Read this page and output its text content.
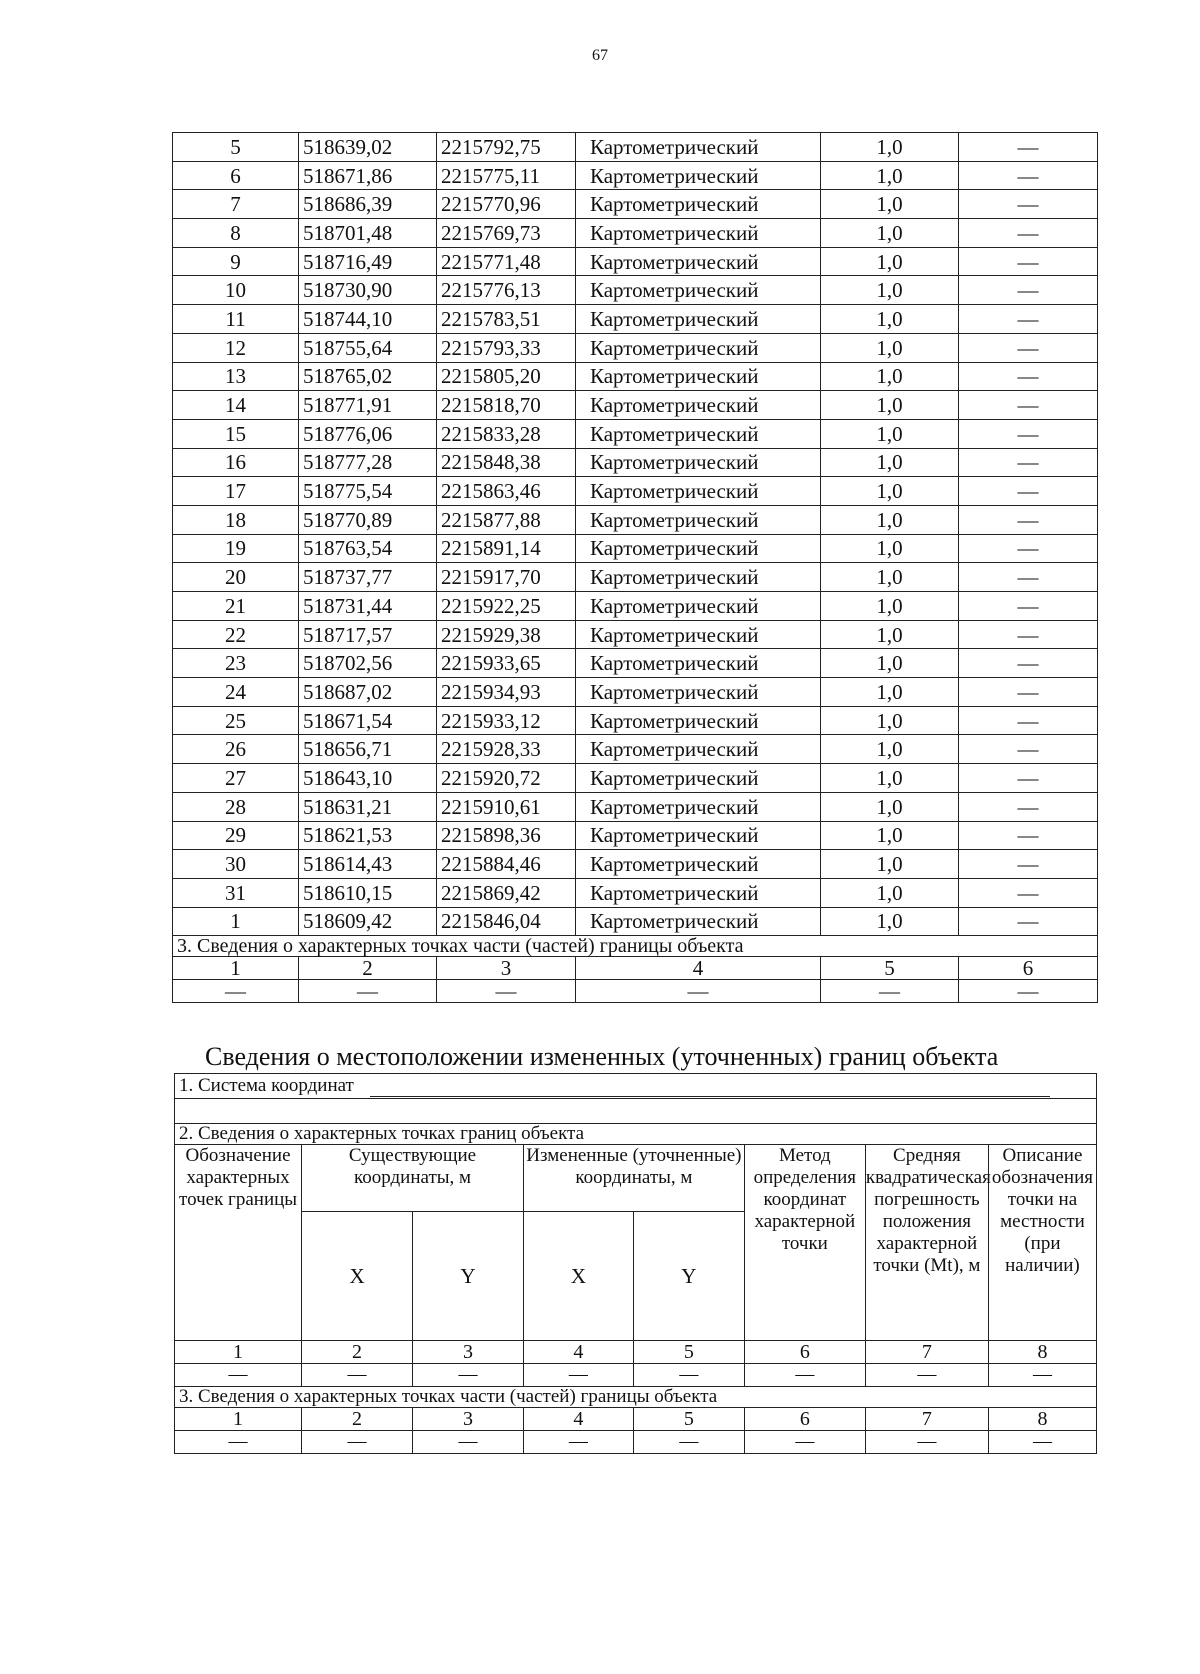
67
5	518639,02	2215792,75	Картометрический	1,0	—
6	518671,86	2215775,11	Картометрический	1,0	—
7	518686,39	2215770,96	Картометрический	1,0	—
8	518701,48	2215769,73	Картометрический	1,0	—
9	518716,49	2215771,48	Картометрический	1,0	—
10	518730,90	2215776,13	Картометрический	1,0	—
11	518744,10	2215783,51	Картометрический	1,0	—
12	518755,64	2215793,33	Картометрический	1,0	—
13	518765,02	2215805,20	Картометрический	1,0	—
14	518771,91	2215818,70	Картометрический	1,0	—
15	518776,06	2215833,28	Картометрический	1,0	—
16	518777,28	2215848,38	Картометрический	1,0	—
17	518775,54	2215863,46	Картометрический	1,0	—
18	518770,89	2215877,88	Картометрический	1,0	—
19	518763,54	2215891,14	Картометрический	1,0	—
20	518737,77	2215917,70	Картометрический	1,0	—
21	518731,44	2215922,25	Картометрический	1,0	—
22	518717,57	2215929,38	Картометрический	1,0	—
23	518702,56	2215933,65	Картометрический	1,0	—
24	518687,02	2215934,93	Картометрический	1,0	—
25	518671,54	2215933,12	Картометрический	1,0	—
26	518656,71	2215928,33	Картометрический	1,0	—
27	518643,10	2215920,72	Картометрический	1,0	—
28	518631,21	2215910,61	Картометрический	1,0	—
29	518621,53	2215898,36	Картометрический	1,0	—
30	518614,43	2215884,46	Картометрический	1,0	—
31	518610,15	2215869,42	Картометрический	1,0	—
1	518609,42	2215846,04	Картометрический	1,0	—
3. Сведения о характерных точках части (частей) границы объекта					
1	2	3	4	5	6
—	—	—	—	—	—
Сведения о местоположении измененных (уточненных) границ объекта
1. Система координат							

2. Сведения о характерных точках границ объекта							
Обозначение характерных точек границы	Существующие координаты, м		Измененные (уточненные) координаты, м		Метод определения координат характерной точки	Средняя квадратическая погрешность положения характерной точки (Mt), м	Описание обозначения точки на местности (при наличии)
	X	Y	X	Y			
1	2	3	4	5	6	7	8
—	—	—	—	—	—	—	—
3. Сведения о характерных точках части (частей) границы объекта							
1	2	3	4	5	6	7	8
—	—	—	—	—	—	—	—
